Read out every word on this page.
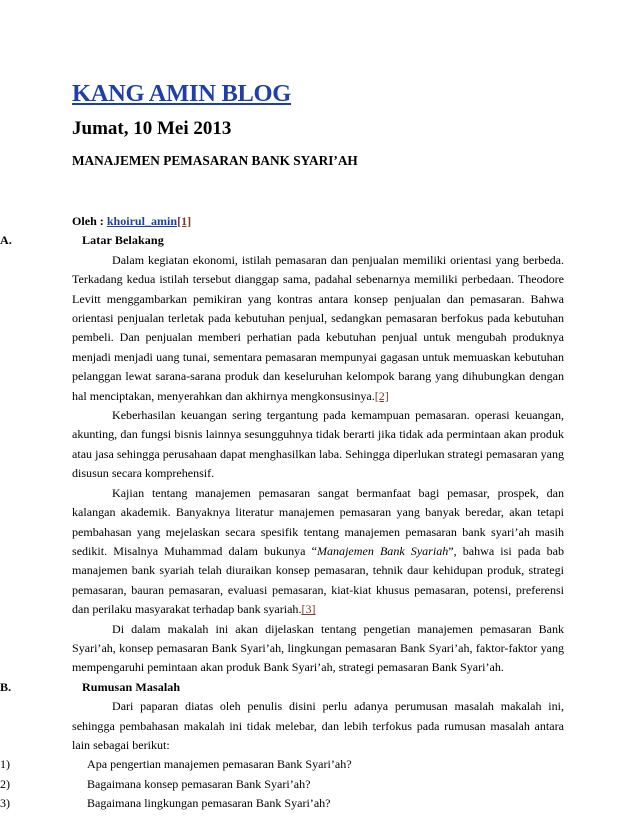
KANG AMIN BLOG
Jumat, 10 Mei 2013
MANAJEMEN PEMASARAN BANK SYARI’AH
Oleh : khoirul_amin[1]
A.	Latar Belakang

Dalam kegiatan ekonomi, istilah pemasaran dan penjualan memiliki orientasi yang berbeda. Terkadang kedua istilah tersebut dianggap sama, padahal sebenarnya memiliki perbedaan. Theodore Levitt menggambarkan pemikiran yang kontras antara konsep penjualan dan pemasaran. Bahwa orientasi penjualan terletak pada kebutuhan penjual, sedangkan pemasaran berfokus pada kebutuhan pembeli. Dan penjualan memberi perhatian pada kebutuhan penjual untuk mengubah produknya menjadi menjadi uang tunai, sementara pemasaran mempunyai gagasan untuk memuaskan kebutuhan pelanggan lewat sarana-sarana produk dan keseluruhan kelompok barang yang dihubungkan dengan hal menciptakan, menyerahkan dan akhirnya mengkonsusinya.[2]

Keberhasilan keuangan sering tergantung pada kemampuan pemasaran. operasi keuangan, akunting, dan fungsi bisnis lainnya sesungguhnya tidak berarti jika tidak ada permintaan akan produk atau jasa sehingga perusahaan dapat menghasilkan laba. Sehingga diperlukan strategi pemasaran yang disusun secara komprehensif.

Kajian tentang manajemen pemasaran sangat bermanfaat bagi pemasar, prospek, dan kalangan akademik. Banyaknya literatur manajemen pemasaran yang banyak beredar, akan tetapi pembahasan yang mejelaskan secara spesifik tentang manajemen pemasaran bank syari’ah masih sedikit. Misalnya Muhammad dalam bukunya “Manajemen Bank Syariah”, bahwa isi pada bab manajemen bank syariah telah diuraikan konsep pemasaran, tehnik daur kehidupan produk, strategi pemasaran, bauran pemasaran, evaluasi pemasaran, kiat-kiat khusus pemasaran, potensi, preferensi dan perilaku masyarakat terhadap bank syariah.[3]

Di dalam makalah ini akan dijelaskan tentang pengetian manajemen pemasaran Bank Syari’ah, konsep pemasaran Bank Syari’ah, lingkungan pemasaran Bank Syari’ah, faktor-faktor yang mempengaruhi pemintaan akan produk Bank Syari’ah, strategi pemasaran Bank Syari’ah.

B.	Rumusan Masalah

Dari paparan diatas oleh penulis disini perlu adanya perumusan masalah makalah ini, sehingga pembahasan makalah ini tidak melebar, dan lebih terfokus pada rumusan masalah antara lain sebagai berikut:

1)	Apa pengertian manajemen pemasaran Bank Syari’ah?
2)	Bagaimana konsep pemasaran Bank Syari’ah?
3)	Bagaimana lingkungan pemasaran Bank Syari’ah?
